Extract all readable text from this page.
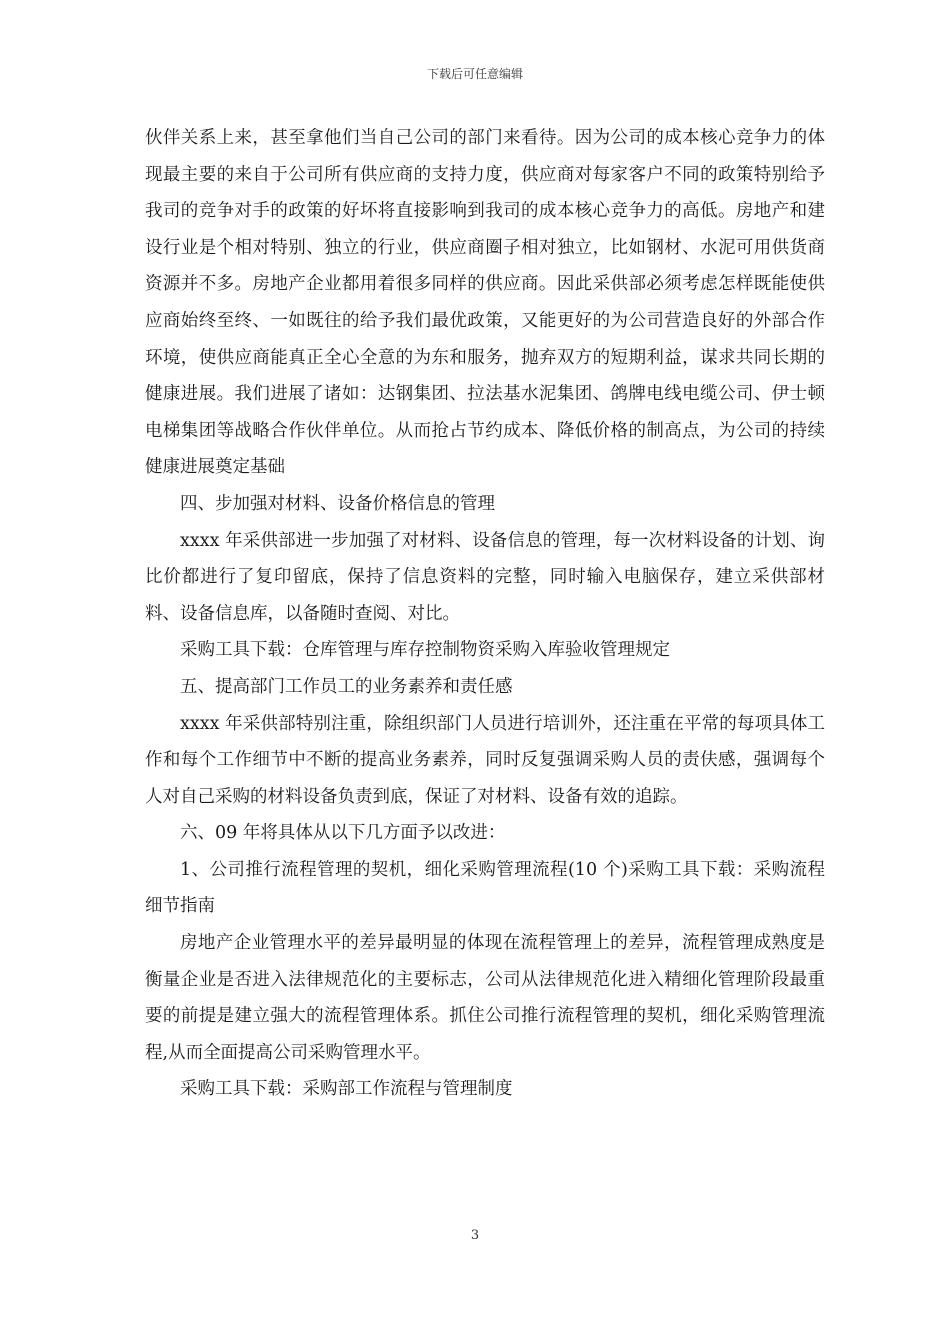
下载后可任意编辑

伙伴关系上来，甚至拿他们当自己公司的部门来看待。因为公司的成本核心竞争力的体现最主要的来自于公司所有供应商的支持力度，供应商对每家客户不同的政策特别给予我司的竞争对手的政策的好坏将直接影响到我司的成本核心竞争力的高低。房地产和建设行业是个相对特别、独立的行业，供应商圈子相对独立，比如钢材、水泥可用供货商资源并不多。房地产企业都用着很多同样的供应商。因此采供部必须考虑怎样既能使供应商始终至终、一如既往的给予我们最优政策，又能更好的为公司营造良好的外部合作环境，使供应商能真正全心全意的为东和服务，抛弃双方的短期利益，谋求共同长期的健康进展。我们进展了诸如：达钢集团、拉法基水泥集团、鸽牌电线电缆公司、伊士顿电梯集团等战略合作伙伴单位。从而抢占节约成本、降低价格的制高点，为公司的持续健康进展奠定基础

四、步加强对材料、设备价格信息的管理

xxxx 年采供部进一步加强了对材料、设备信息的管理，每一次材料设备的计划、询比价都进行了复印留底，保持了信息资料的完整，同时输入电脑保存，建立采供部材料、设备信息库，以备随时查阅、对比。

采购工具下载：仓库管理与库存控制物资采购入库验收管理规定

五、提高部门工作员工的业务素养和责任感

xxxx 年采供部特别注重，除组织部门人员进行培训外，还注重在平常的每项具体工作和每个工作细节中不断的提高业务素养，同时反复强调采购人员的责伕感，强调每个人对自己采购的材料设备负责到底，保证了对材料、设备有效的追踪。

六、09 年将具体从以下几方面予以改进：

1、公司推行流程管理的契机，细化采购管理流程(10 个)采购工具下载：采购流程细节指南

房地产企业管理水平的差异最明显的体现在流程管理上的差异，流程管理成熟度是衡量企业是否进入法律规范化的主要标志，公司从法律规范化进入精细化管理阶段最重要的前提是建立强大的流程管理体系。抓住公司推行流程管理的契机，细化采购管理流程,从而全面提高公司采购管理水平。

采购工具下载：采购部工作流程与管理制度

3
